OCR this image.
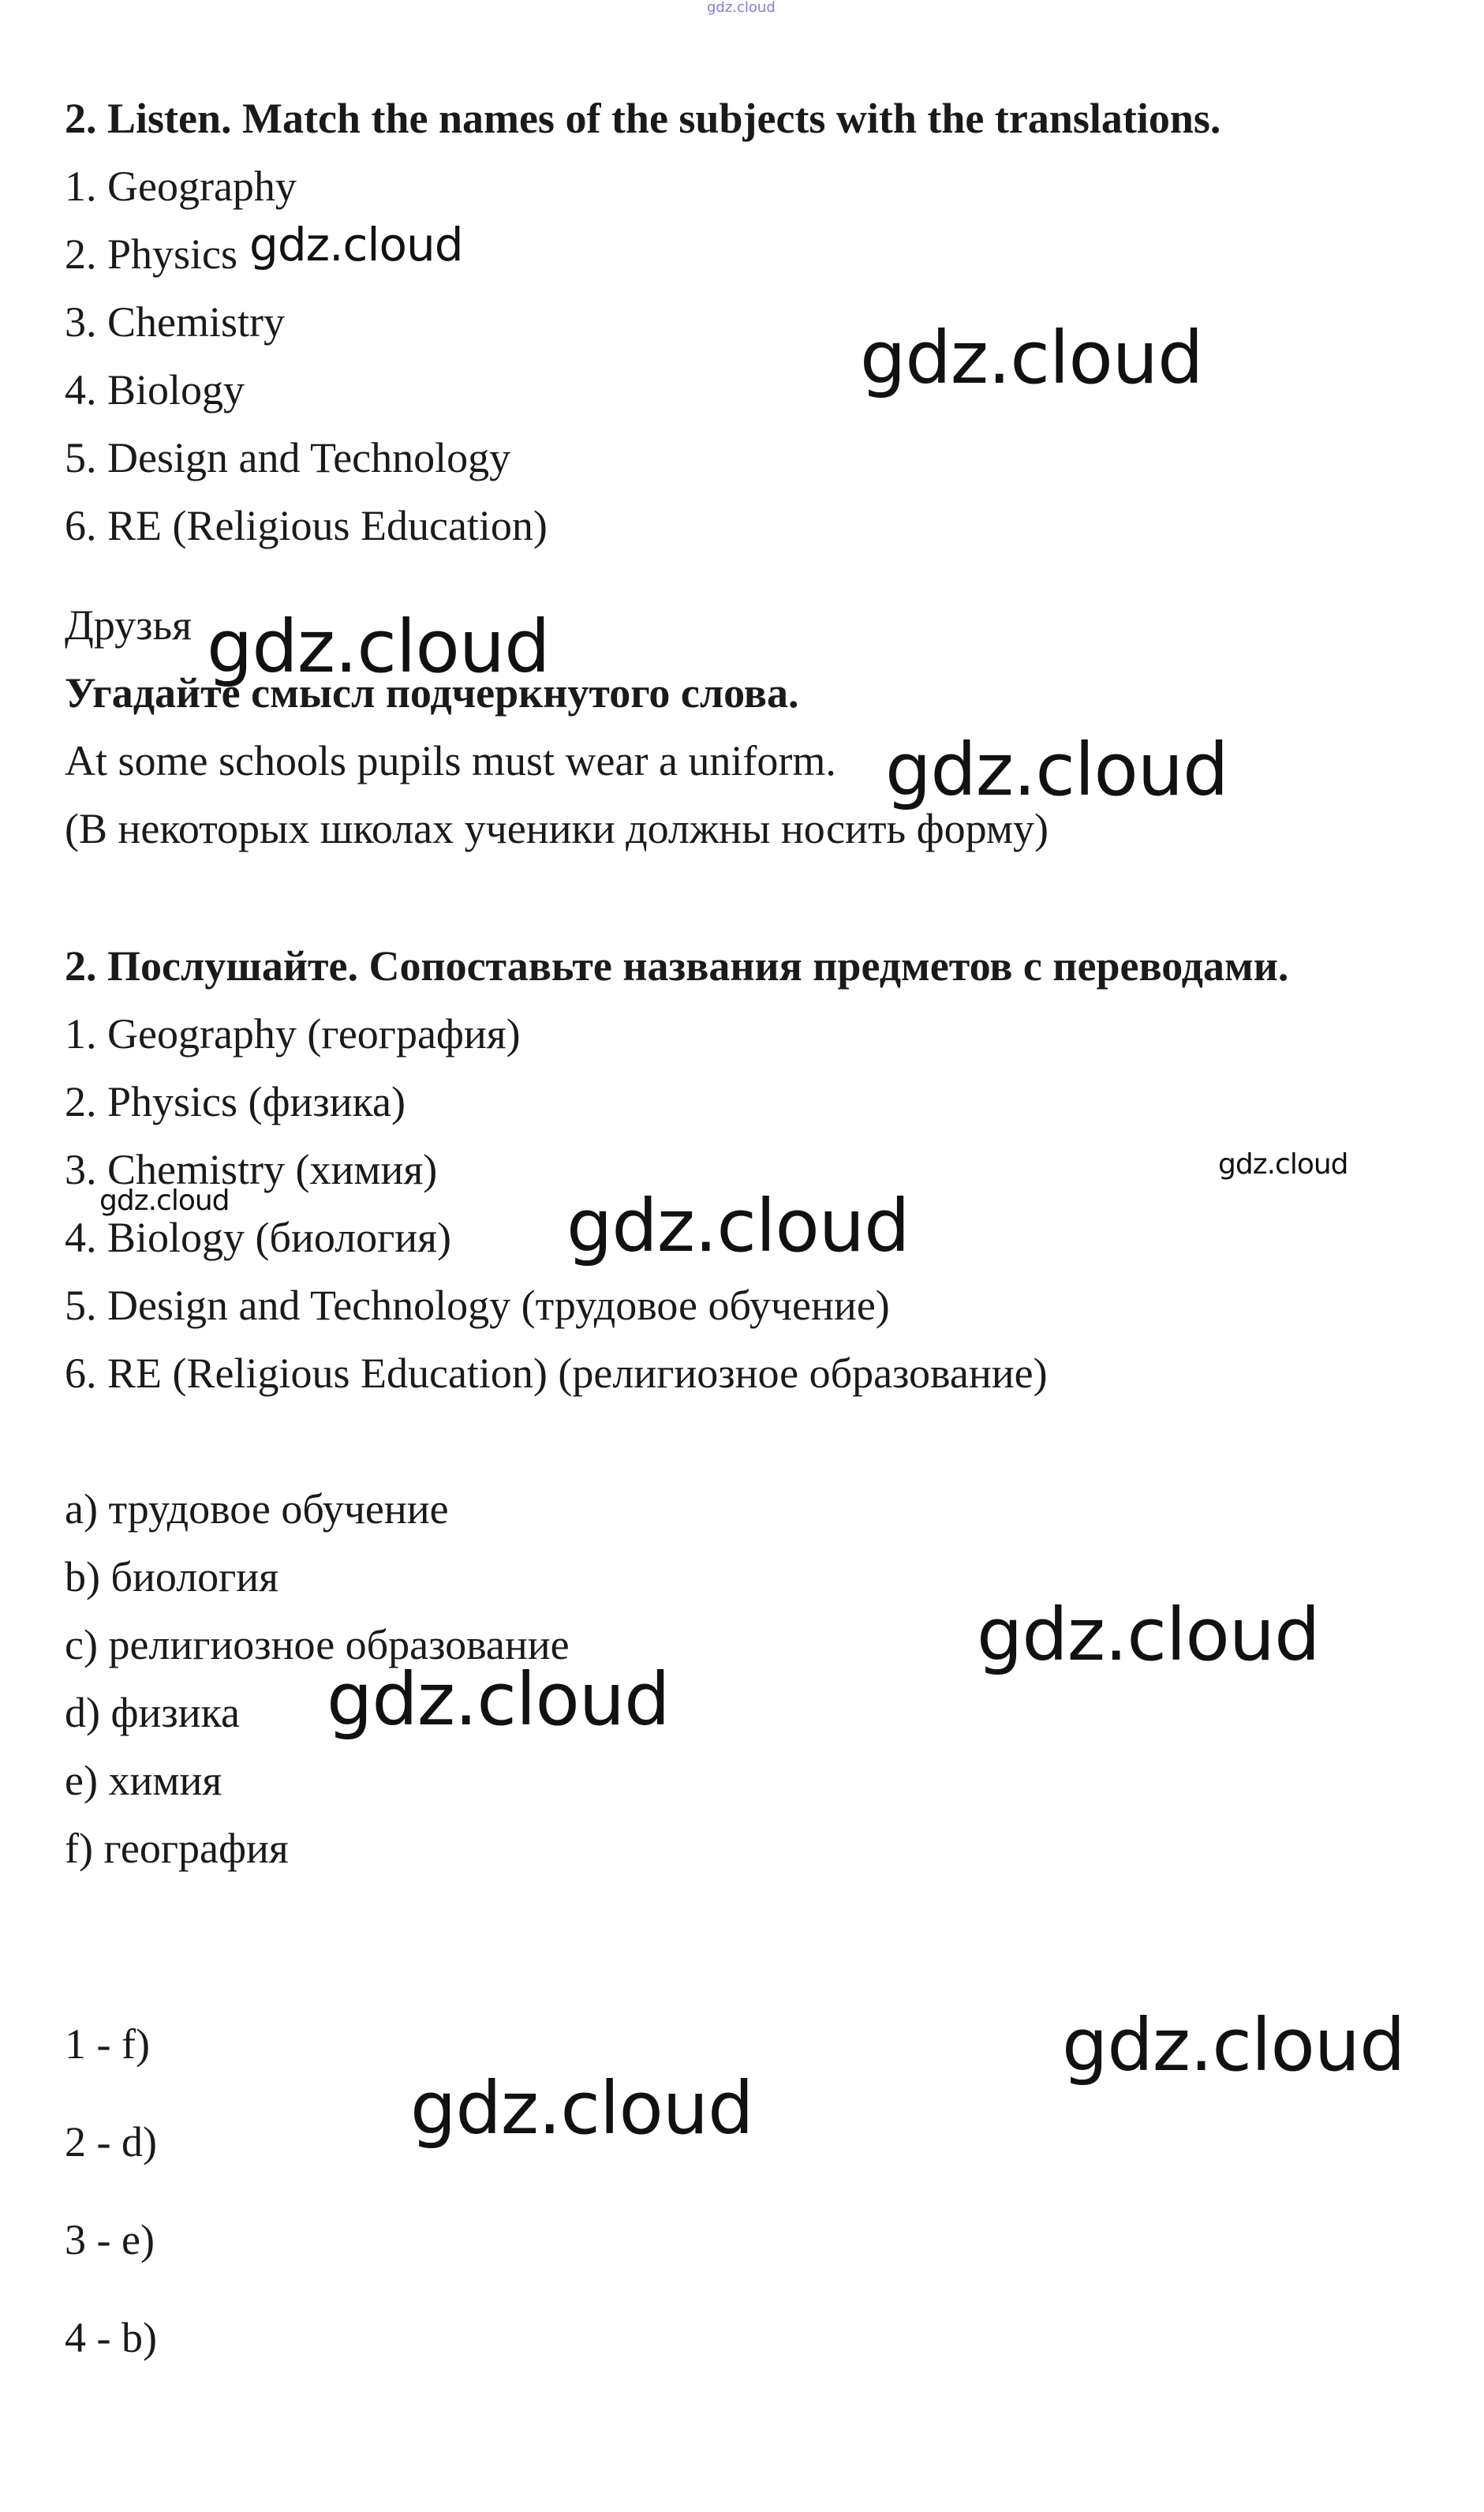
gdz.cloud
2. Listen. Match the names of the subjects with the translations.
1. Geography
2. Physics
3. Chemistry
4. Biology
5. Design and Technology
6. RE (Religious Education)
Друзья
Угадайте смысл подчеркнутого слова.
At some schools pupils must wear a uniform.
(В некоторых школах ученики должны носить форму)
2. Послушайте. Сопоставьте названия предметов с переводами.
1. Geography (география)
2. Physics (физика)
3. Chemistry (химия)
4. Biology (биология)
5. Design and Technology (трудовое обучение)
6. RE (Religious Education) (религиозное образование)
a) трудовое обучение
b) биология
c) религиозное образование
d) физика
e) химия
f) география
1 - f)
2 - d)
3 - e)
4 - b)
gdz.cloud
gdz.cloud
gdz.cloud
gdz.cloud
gdz.cloud
gdz.cloud	gdz.cloud
gdz.cloud
gdz.cloud
gdz.cloud
gdz.cloud
